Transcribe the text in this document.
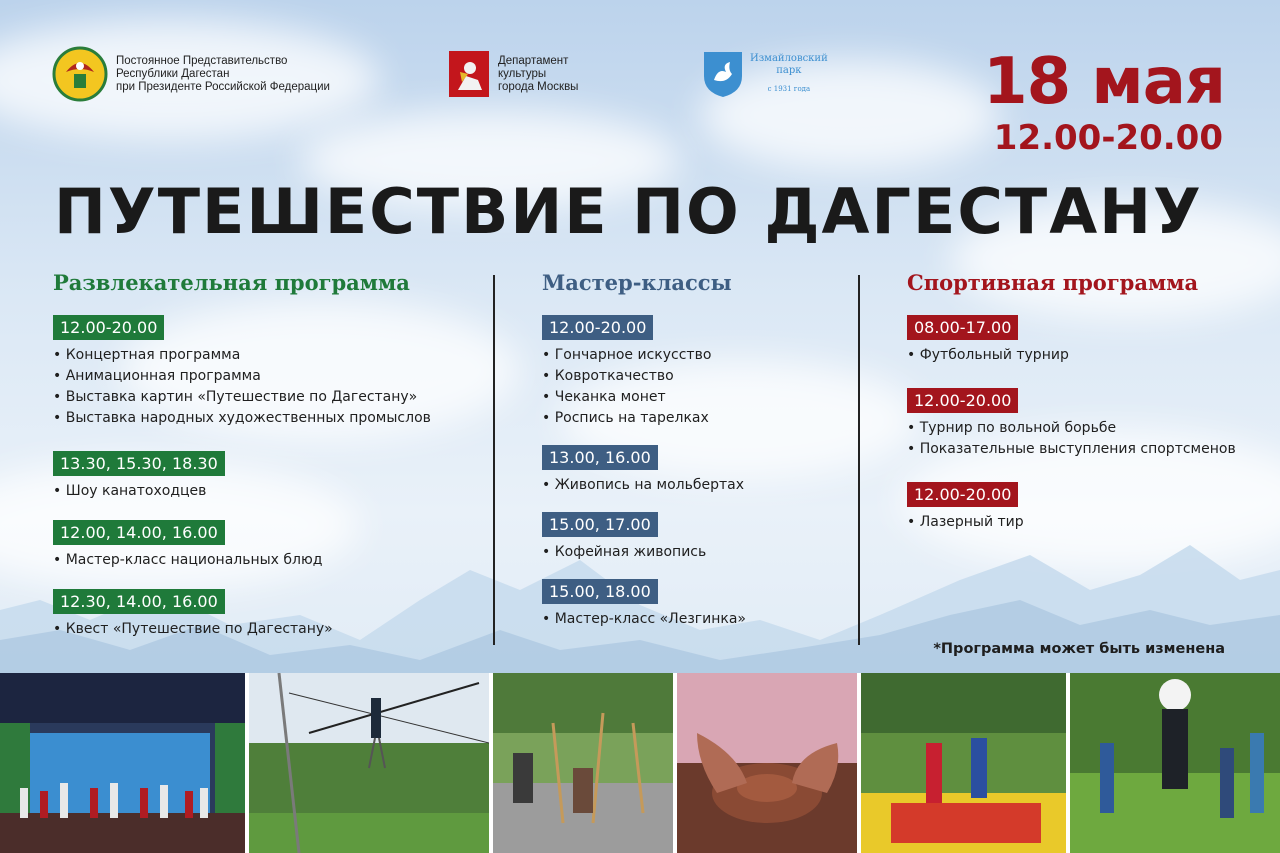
Постоянное Представительство
Республики Дагестан
при Президенте Российской Федерации
Департамент
культуры
города Москвы
Измайловский
парк
с 1931 года	18 мая
12.00-20.00
ПУТЕШЕСТВИЕ ПО ДАГЕСТАНУ
Развлекательная программа
12.00-20.00
• Концертная программа
• Анимационная программа
• Выставка картин «Путешествие по Дагестану»
• Выставка народных художественных промыслов
13.30, 15.30, 18.30
• Шоу канатоходцев
12.00, 14.00, 16.00
• Мастер-класс национальных блюд
12.30, 14.00, 16.00
• Квест «Путешествие по Дагестану»
Мастер-классы
12.00-20.00
• Гончарное искусство
• Ковроткачество
• Чеканка монет
• Роспись на тарелках
13.00, 16.00
• Живопись на мольбертах
15.00, 17.00
• Кофейная живопись
15.00, 18.00
• Мастер-класс «Лезгинка»
Спортивная программа
08.00-17.00
• Футбольный турнир
12.00-20.00
• Турнир по вольной борьбе
• Показательные выступления спортсменов
12.00-20.00
• Лазерный тир
*Программа может быть изменена
